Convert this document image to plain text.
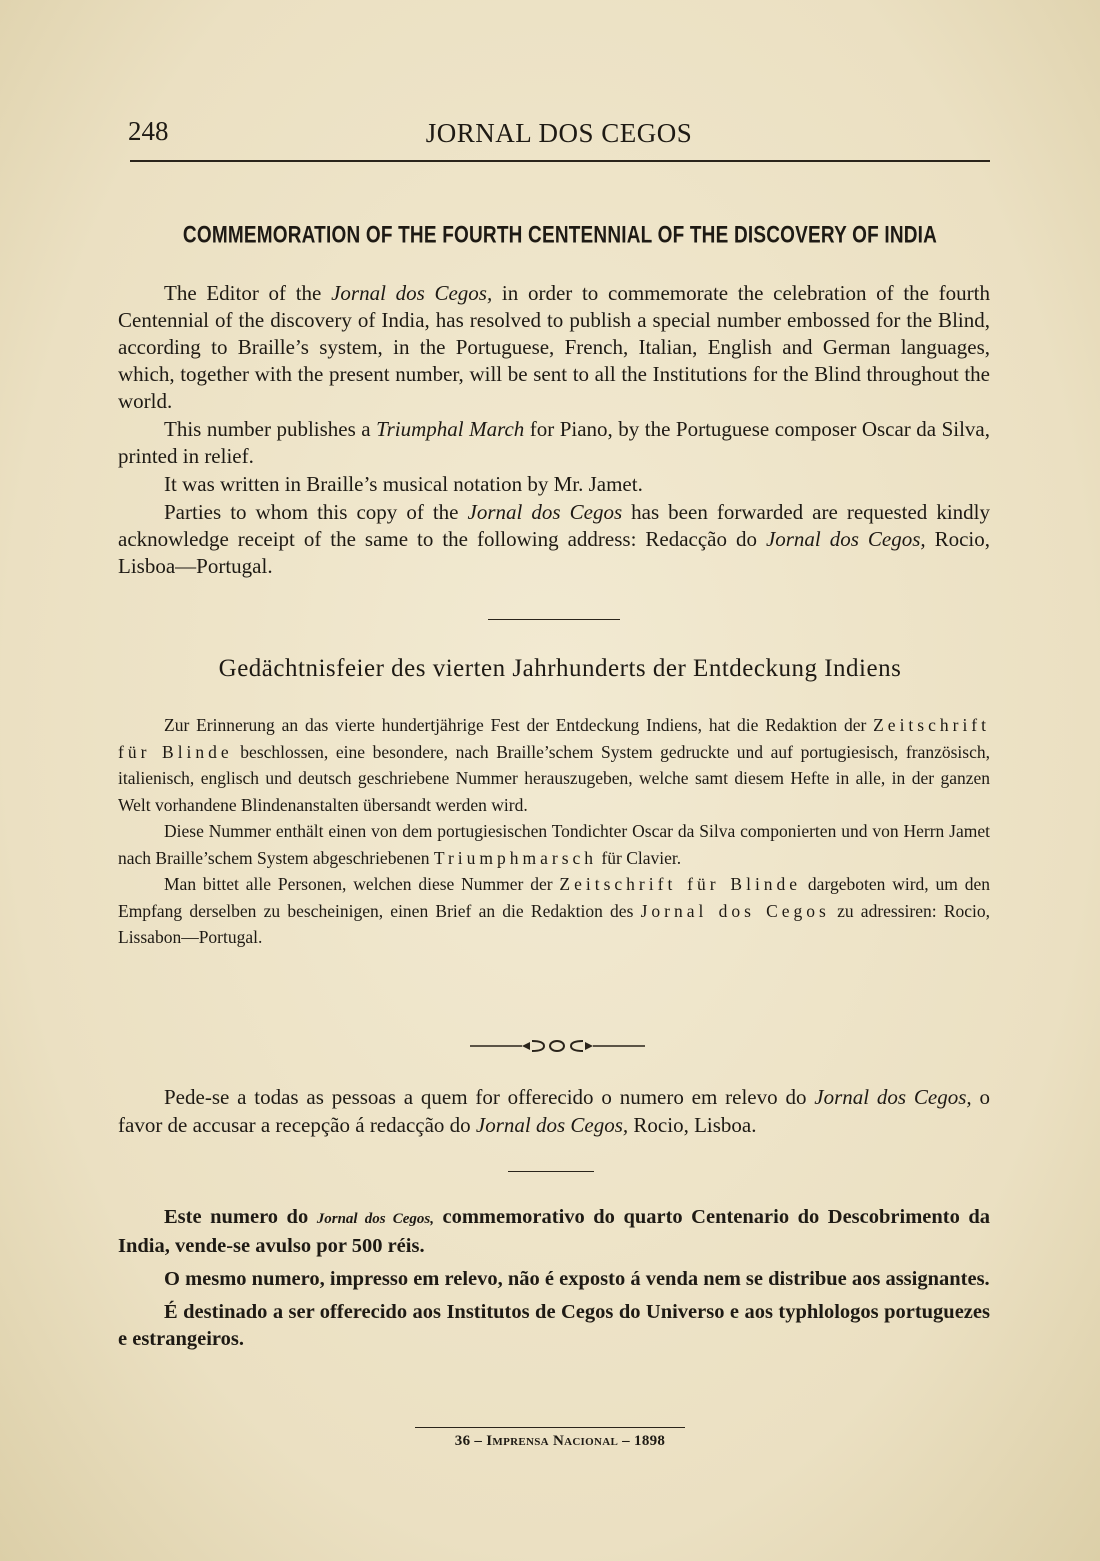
248	JORNAL DOS CEGOS
COMMEMORATION OF THE FOURTH CENTENNIAL OF THE DISCOVERY OF INDIA

The Editor of the Jornal dos Cegos, in order to commemorate the celebration of the fourth Centennial of the discovery of India, has resolved to publish a special number embossed for the Blind, according to Braille’s system, in the Portuguese, French, Italian, English and German languages, which, together with the present number, will be sent to all the Institutions for the Blind throughout the world.

This number publishes a Triumphal March for Piano, by the Portuguese composer Oscar da Silva, printed in relief.

It was written in Braille’s musical notation by Mr. Jamet.

Parties to whom this copy of the Jornal dos Cegos has been forwarded are requested kindly acknowledge receipt of the same to the following address: Redacção do Jornal dos Cegos, Rocio, Lisboa—Portugal.

Gedächtnisfeier des vierten Jahrhunderts der Entdeckung Indiens

Zur Erinnerung an das vierte hundertjährige Fest der Entdeckung Indiens, hat die Redaktion der Zeitschrift für Blinde beschlossen, eine besondere, nach Braille’schem System gedruckte und auf portugiesisch, französisch, italienisch, englisch und deutsch geschriebene Nummer herauszugeben, welche samt diesem Hefte in alle, in der ganzen Welt vorhandene Blindenanstalten übersandt werden wird.

Diese Nummer enthält einen von dem portugiesischen Tondichter Oscar da Silva componierten und von Herrn Jamet nach Braille’schem System abgeschriebenen Triumphmarsch für Clavier.

Man bittet alle Personen, welchen diese Nummer der Zeitschrift für Blinde dargeboten wird, um den Empfang derselben zu bescheinigen, einen Brief an die Redaktion des Jornal dos Cegos zu adressiren: Rocio, Lissabon—Portugal.

Pede-se a todas as pessoas a quem for offerecido o numero em relevo do Jornal dos Cegos, o favor de accusar a recepção á redacção do Jornal dos Cegos, Rocio, Lisboa.

Este numero do Jornal dos Cegos, commemorativo do quarto Centenario do Descobrimento da India, vende-se avulso por 500 réis.

O mesmo numero, impresso em relevo, não é exposto á venda nem se distribue aos assignantes.

É destinado a ser offerecido aos Institutos de Cegos do Universo e aos typhlologos portuguezes e estrangeiros.

36 – Imprensa Nacional – 1898
